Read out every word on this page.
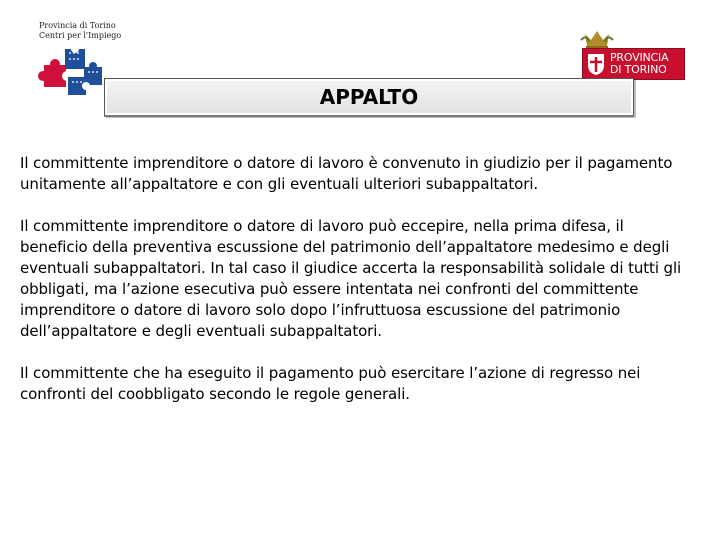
Provincia di Torino
Centri per l'Impiego
PROVINCIA
DI TORINO
APPALTO

Il committente imprenditore o datore di lavoro è convenuto in giudizio per il pagamento unitamente all’appaltatore e con gli eventuali ulteriori subappaltatori.

Il committente imprenditore o datore di lavoro può eccepire, nella prima difesa, il beneficio della preventiva escussione del patrimonio dell’appaltatore medesimo e degli eventuali subappaltatori. In tal caso il giudice accerta la responsabilità solidale di tutti gli obbligati, ma l’azione esecutiva può essere intentata nei confronti del committente imprenditore o datore di lavoro solo dopo l’infruttuosa escussione del patrimonio dell’appaltatore e degli eventuali subappaltatori.

Il committente che ha eseguito il pagamento può esercitare l’azione di regresso nei confronti del coobbligato secondo le regole generali.
